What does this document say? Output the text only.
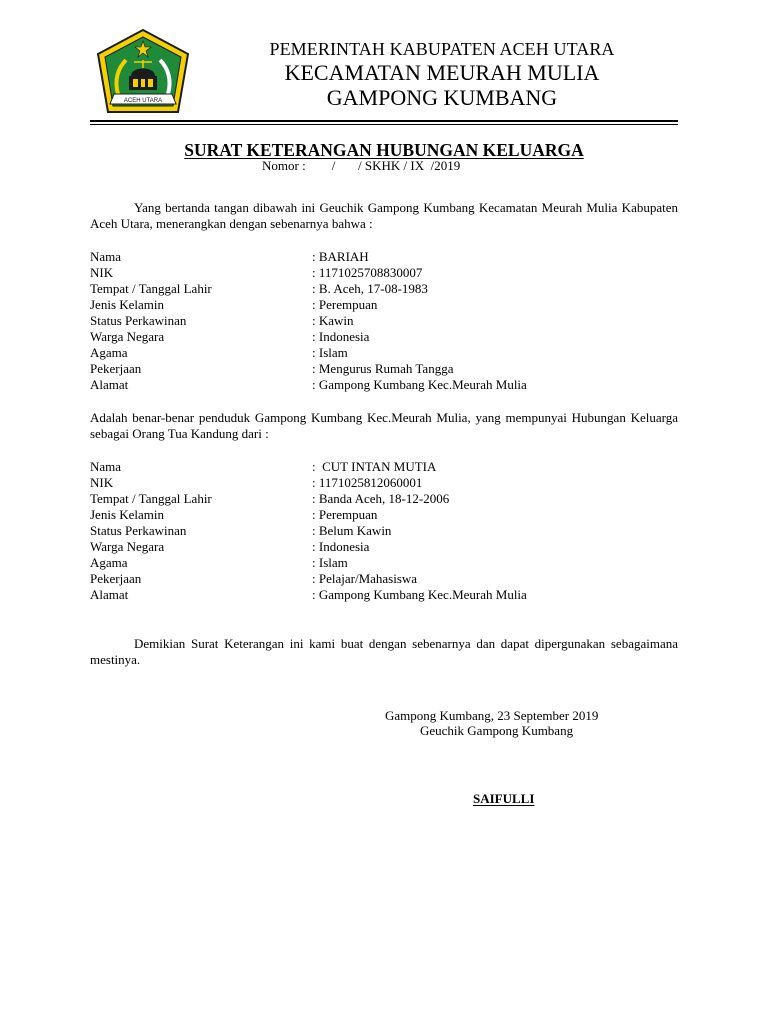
ACEH UTARA
PEMERINTAH KABUPATEN ACEH UTARA
KECAMATAN MEURAH MULIA
GAMPONG KUMBANG
SURAT KETERANGAN HUBUNGAN KELUARGA
Nomor :        /       / SKHK / IX  /2019
Yang bertanda tangan dibawah ini Geuchik Gampong Kumbang Kecamatan Meurah Mulia Kabupaten Aceh Utara, menerangkan dengan sebenarnya bahwa :
Nama	: BARIAH
NIK	: 1171025708830007
Tempat / Tanggal Lahir	: B. Aceh, 17-08-1983
Jenis Kelamin	: Perempuan
Status Perkawinan	: Kawin
Warga Negara	: Indonesia
Agama	: Islam
Pekerjaan	: Mengurus Rumah Tangga
Alamat	: Gampong Kumbang Kec.Meurah Mulia
Adalah benar-benar penduduk Gampong Kumbang Kec.Meurah Mulia, yang mempunyai Hubungan Keluarga sebagai Orang Tua Kandung dari :
Nama	:  CUT INTAN MUTIA
NIK	: 1171025812060001
Tempat / Tanggal Lahir	: Banda Aceh, 18-12-2006
Jenis Kelamin	: Perempuan
Status Perkawinan	: Belum Kawin
Warga Negara	: Indonesia
Agama	: Islam
Pekerjaan	: Pelajar/Mahasiswa
Alamat	: Gampong Kumbang Kec.Meurah Mulia
Demikian Surat Keterangan ini kami buat dengan sebenarnya dan dapat dipergunakan sebagaimana mestinya.
Gampong Kumbang, 23 September 2019
Geuchik Gampong Kumbang
SAIFULLI
